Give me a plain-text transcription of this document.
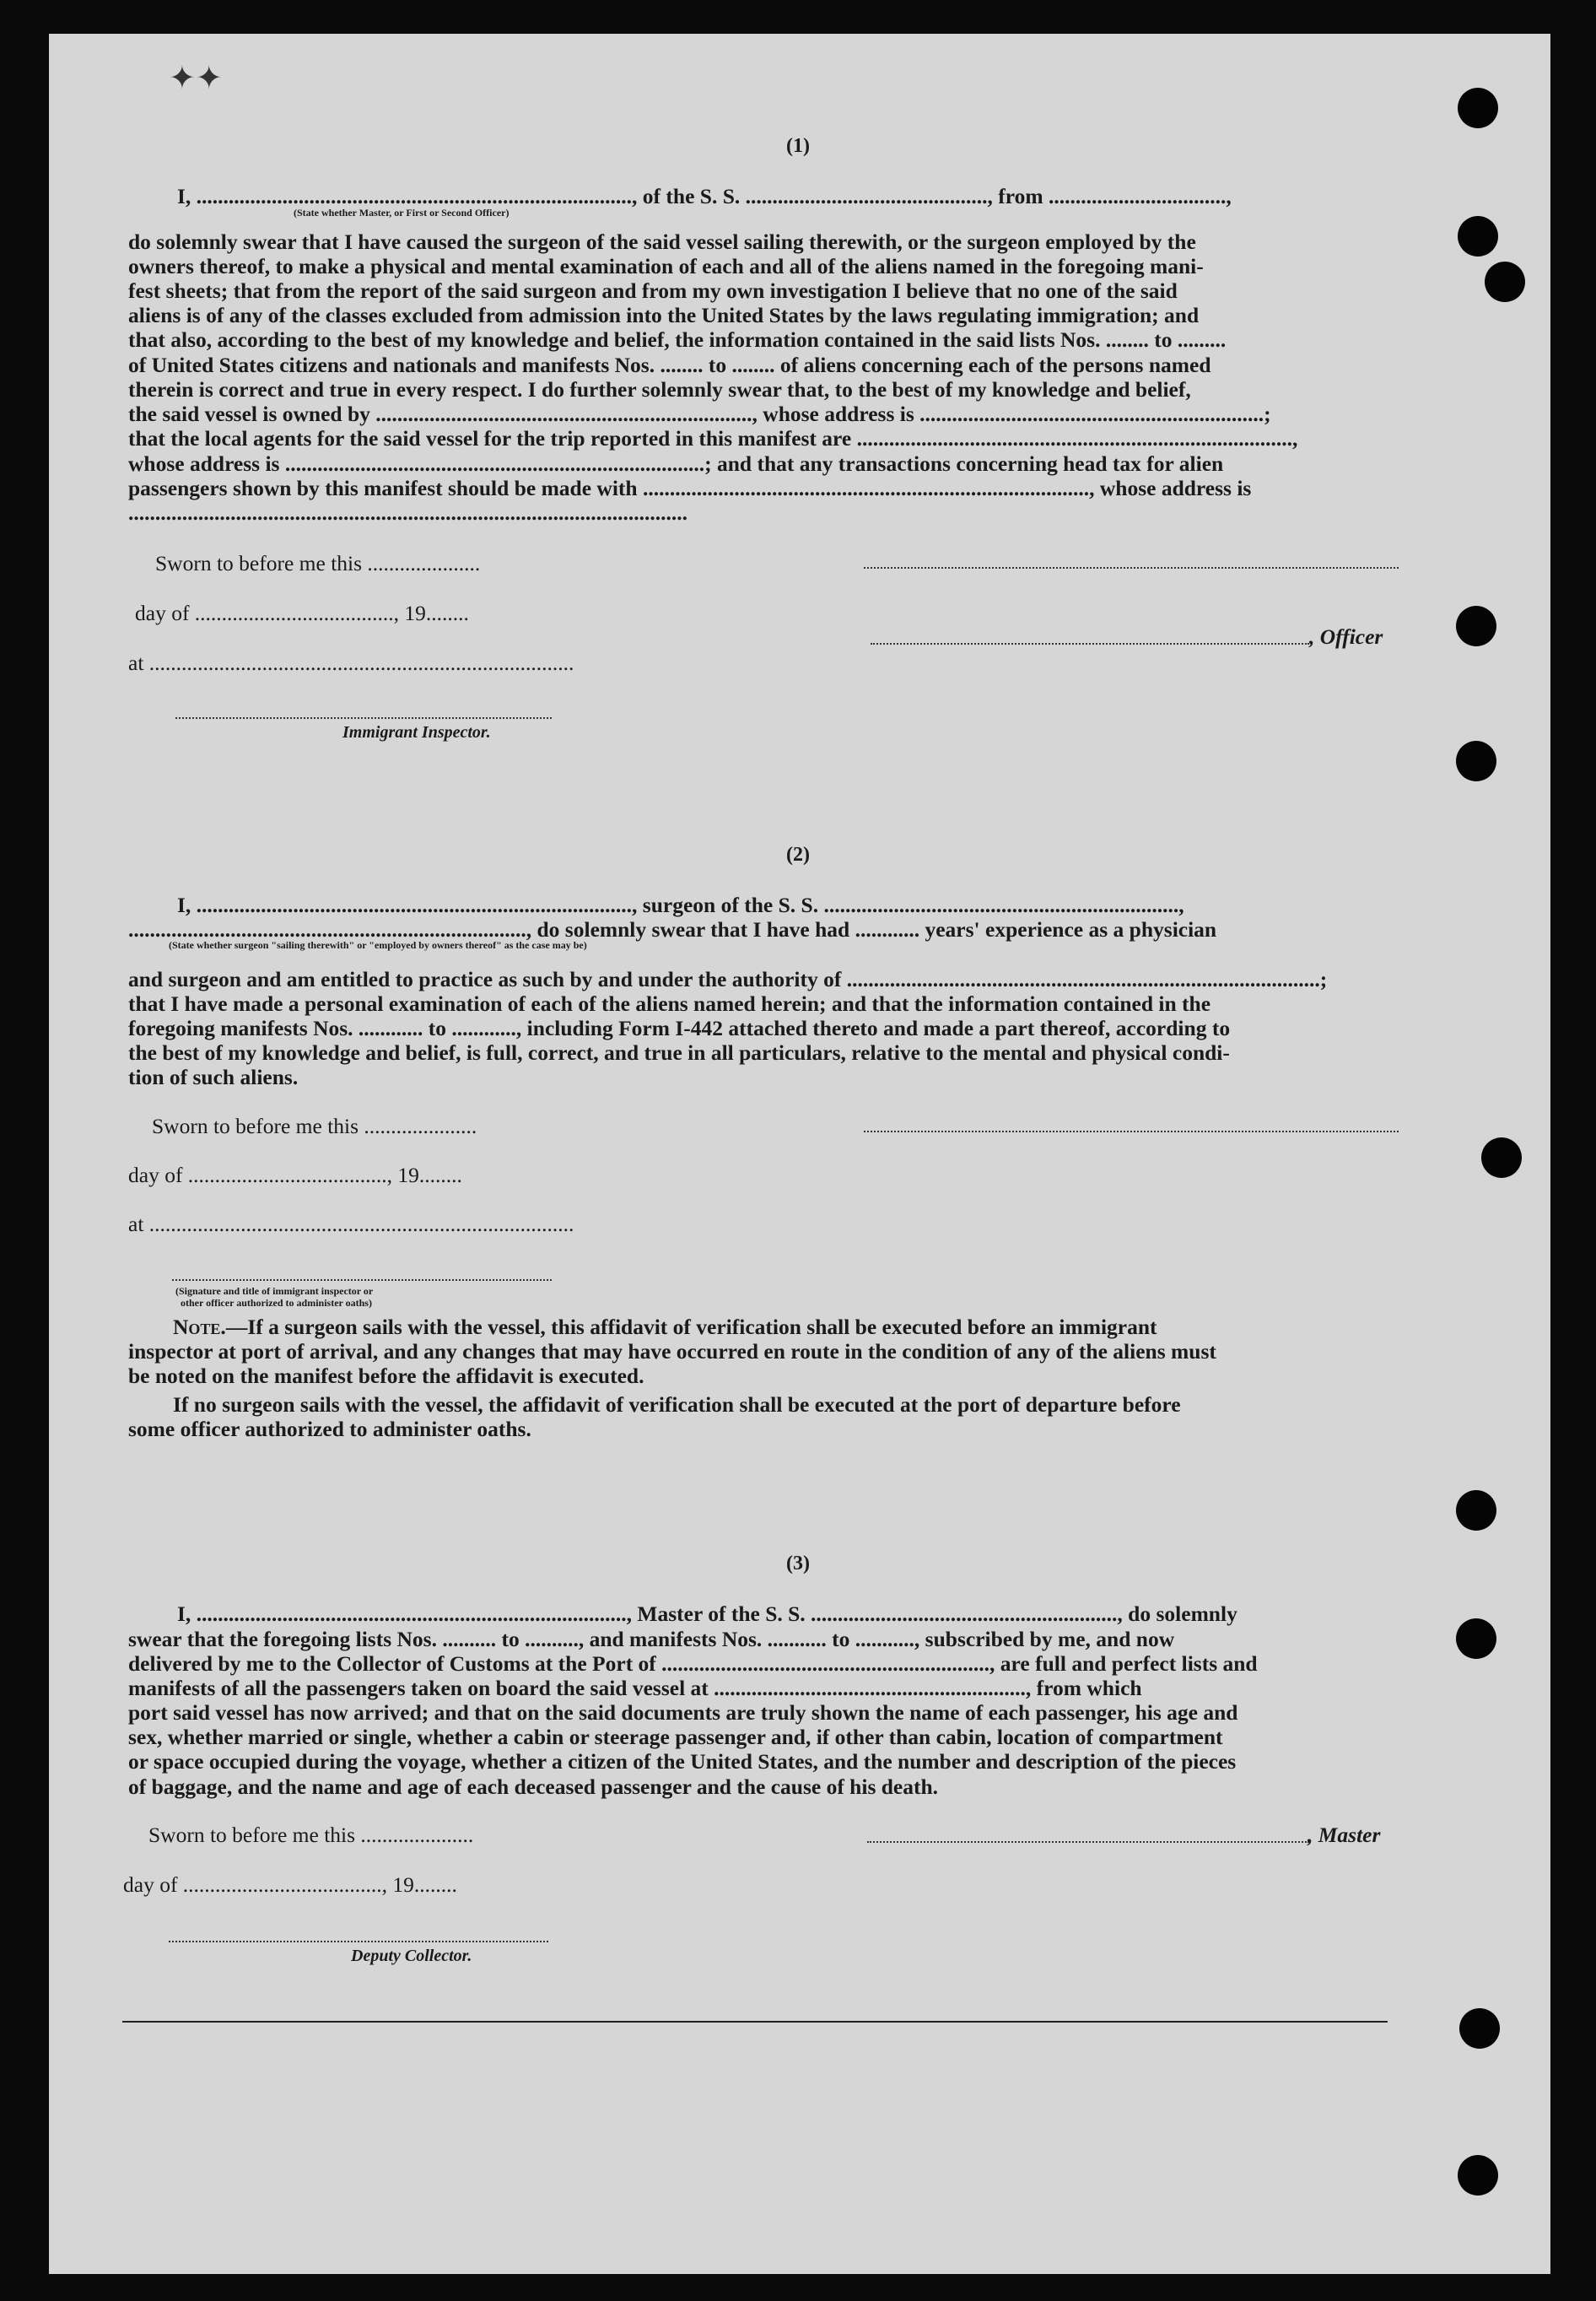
✦✦
(1)
I, ................................................................................., of the S. S. ............................................., from .................................,
(State whether Master, or First or Second Officer)
do solemnly swear that I have caused the surgeon of the said vessel sailing therewith, or the surgeon employed by the
owners thereof, to make a physical and mental examination of each and all of the aliens named in the foregoing mani-
fest sheets; that from the report of the said surgeon and from my own investigation I believe that no one of the said
aliens is of any of the classes excluded from admission into the United States by the laws regulating immigration; and
that also, according to the best of my knowledge and belief, the information contained in the said lists Nos. ........ to .........
of United States citizens and nationals and manifests Nos. ........ to ........ of aliens concerning each of the persons named
therein is correct and true in every respect. I do further solemnly swear that, to the best of my knowledge and belief,
the said vessel is owned by ......................................................................, whose address is ................................................................;
that the local agents for the said vessel for the trip reported in this manifest are .................................................................................,
whose address is ..............................................................................; and that any transactions concerning head tax for alien
passengers shown by this manifest should be made with ..................................................................................., whose address is
........................................................................................................
Sworn to before me this .....................
day of ....................................., 19........
, Officer
at ...............................................................................
Immigrant Inspector.
(2)
I, ................................................................................., surgeon of the S. S. ..................................................................,
.........................................................................., do solemnly swear that I have had ............ years' experience as a physician
(State whether surgeon "sailing therewith" or "employed by owners thereof" as the case may be)
and surgeon and am entitled to practice as such by and under the authority of ........................................................................................;
that I have made a personal examination of each of the aliens named herein; and that the information contained in the
foregoing manifests Nos. ............ to ............, including Form I-442 attached thereto and made a part thereof, according to
the best of my knowledge and belief, is full, correct, and true in all particulars, relative to the mental and physical condi-
tion of such aliens.
Sworn to before me this .....................
day of ....................................., 19........
at ...............................................................................
(Signature and title of immigrant inspector or
other officer authorized to administer oaths)
Note.—If a surgeon sails with the vessel, this affidavit of verification shall be executed before an immigrant
inspector at port of arrival, and any changes that may have occurred en route in the condition of any of the aliens must
be noted on the manifest before the affidavit is executed.
If no surgeon sails with the vessel, the affidavit of verification shall be executed at the port of departure before
some officer authorized to administer oaths.
(3)
I, ................................................................................, Master of the S. S. ........................................................., do solemnly
swear that the foregoing lists Nos. .......... to .........., and manifests Nos. ........... to ..........., subscribed by me, and now
delivered by me to the Collector of Customs at the Port of ............................................................., are full and perfect lists and
manifests of all the passengers taken on board the said vessel at .........................................................., from which
port said vessel has now arrived; and that on the said documents are truly shown the name of each passenger, his age and
sex, whether married or single, whether a cabin or steerage passenger and, if other than cabin, location of compartment
or space occupied during the voyage, whether a citizen of the United States, and the number and description of the pieces
of baggage, and the name and age of each deceased passenger and the cause of his death.
Sworn to before me this .....................	, Master
day of ....................................., 19........
Deputy Collector.
